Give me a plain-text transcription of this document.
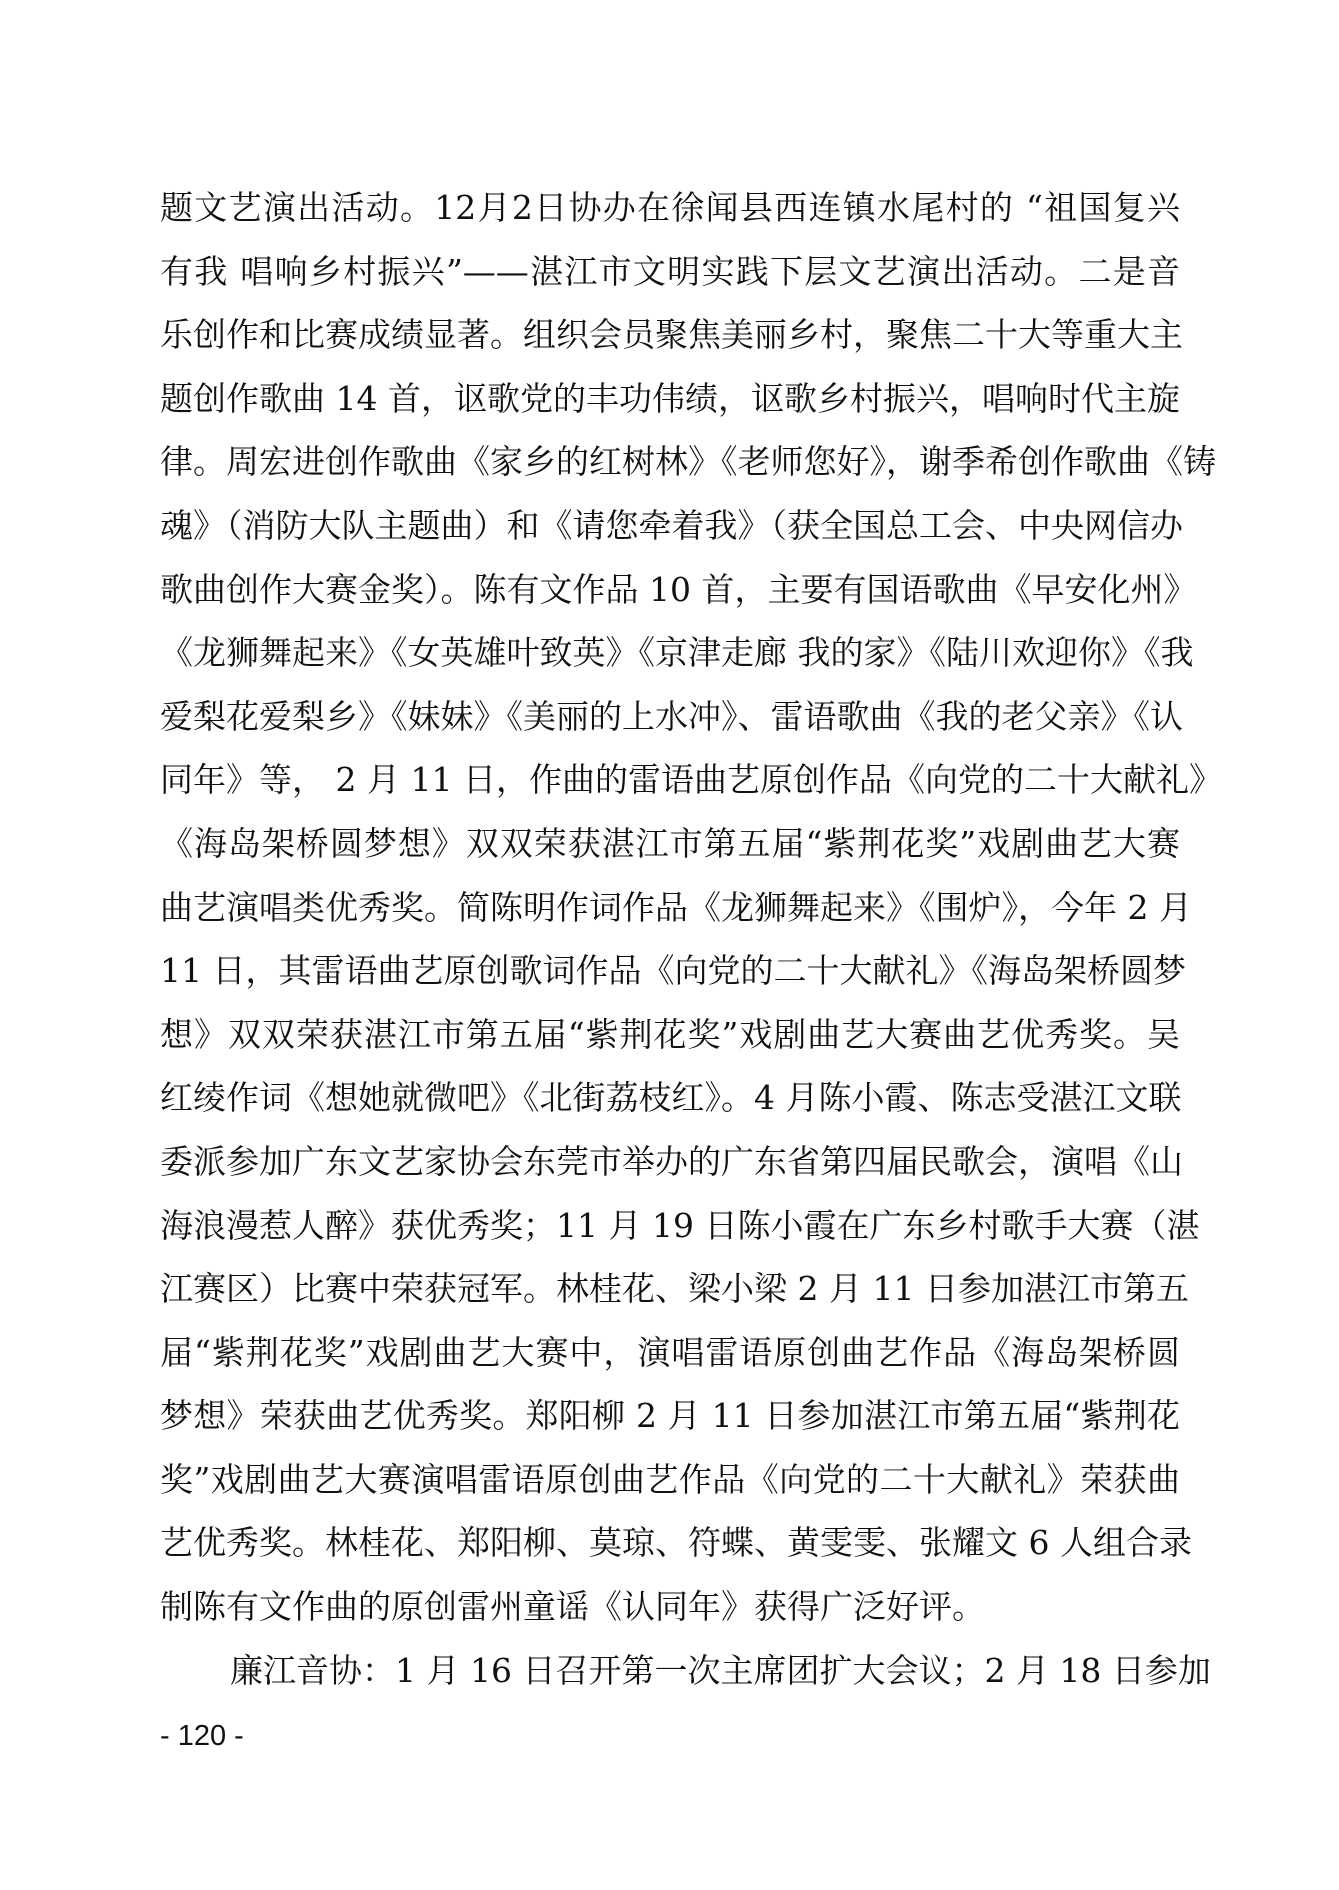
题文艺演出活动。12月2日协办在徐闻县西连镇水尾村的 “祖国复兴
有我 唱响乡村振兴”——湛江市文明实践下层文艺演出活动。二是音
乐创作和比赛成绩显著。组织会员聚焦美丽乡村，聚焦二十大等重大主
题创作歌曲 14 首，讴歌党的丰功伟绩，讴歌乡村振兴，唱响时代主旋
律。周宏进创作歌曲《家乡的红树林》《老师您好》，谢季希创作歌曲《铸
魂》（消防大队主题曲）和《请您牵着我》（获全国总工会、中央网信办
歌曲创作大赛金奖）。陈有文作品 10 首，主要有国语歌曲《早安化州》
《龙狮舞起来》《女英雄叶致英》《京津走廊 我的家》《陆川欢迎你》《我
爱梨花爱梨乡》《妹妹》《美丽的上水冲》、雷语歌曲《我的老父亲》《认
同年》等， 2 月 11 日，作曲的雷语曲艺原创作品《向党的二十大献礼》
《海岛架桥圆梦想》双双荣获湛江市第五届“紫荆花奖”戏剧曲艺大赛
曲艺演唱类优秀奖。简陈明作词作品《龙狮舞起来》《围炉》，今年 2 月
11 日，其雷语曲艺原创歌词作品《向党的二十大献礼》《海岛架桥圆梦
想》双双荣获湛江市第五届“紫荆花奖”戏剧曲艺大赛曲艺优秀奖。吴
红绫作词《想她就微吧》《北街荔枝红》。4 月陈小霞、陈志受湛江文联
委派参加广东文艺家协会东莞市举办的广东省第四届民歌会，演唱《山
海浪漫惹人醉》获优秀奖；11 月 19 日陈小霞在广东乡村歌手大赛（湛
江赛区）比赛中荣获冠军。林桂花、梁小梁 2 月 11 日参加湛江市第五
届“紫荆花奖”戏剧曲艺大赛中，演唱雷语原创曲艺作品《海岛架桥圆
梦想》荣获曲艺优秀奖。郑阳柳 2 月 11 日参加湛江市第五届“紫荆花
奖”戏剧曲艺大赛演唱雷语原创曲艺作品《向党的二十大献礼》荣获曲
艺优秀奖。林桂花、郑阳柳、莫琼、符蝶、黄雯雯、张耀文 6 人组合录
制陈有文作曲的原创雷州童谣《认同年》获得广泛好评。
廉江音协：1 月 16 日召开第一次主席团扩大会议；2 月 18 日参加
- 120 -
